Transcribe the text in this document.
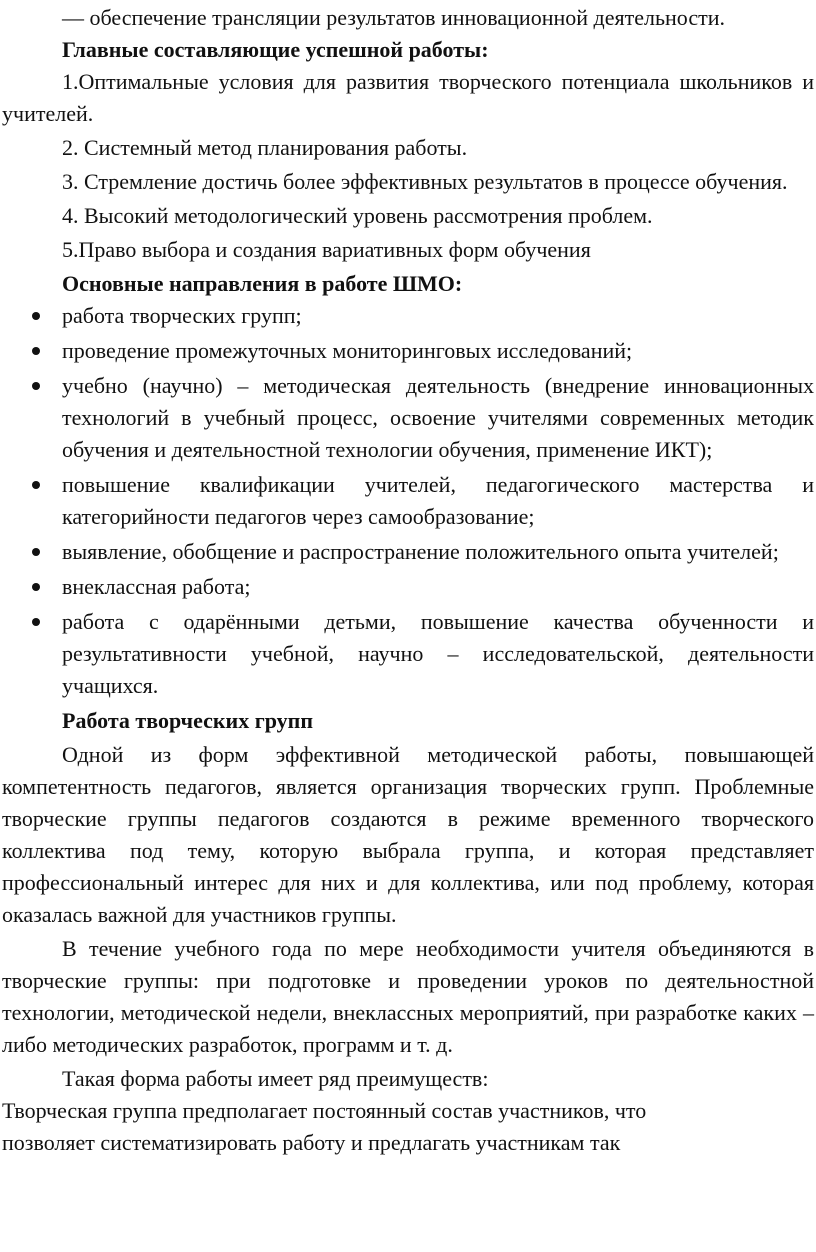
— обеспечение трансляции результатов инновационной деятельности.

Главные составляющие успешной работы:

1.Оптимальные условия для развития творческого потенциала школьников и учителей.

2. Системный метод планирования работы.

3. Стремление достичь более эффективных результатов в процессе обучения.

4. Высокий методологический уровень рассмотрения проблем.

5.Право выбора и создания вариативных форм обучения

Основные направления в работе ШМО:

работа творческих групп;
проведение промежуточных мониторинговых исследований;
учебно (научно) – методическая деятельность (внедрение инновационных технологий в учебный процесс, освоение учителями современных методик обучения и деятельностной технологии обучения, применение ИКТ);
повышение квалификации учителей, педагогического мастерства и категорийности педагогов через самообразование;
выявление, обобщение и распространение положительного опыта учителей;
внеклассная работа;
работа с одарёнными детьми, повышение качества обученности и результативности учебной, научно – исследовательской, деятельности учащихся.

Работа творческих групп

Одной из форм эффективной методической работы, повышающей компетентность педагогов, является организация творческих групп. Проблемные творческие группы педагогов создаются в режиме временного творческого коллектива под тему, которую выбрала группа, и которая представляет профессиональный интерес для них и для коллектива, или под проблему, которая оказалась важной для участников группы.

В течение учебного года по мере необходимости учителя объединяются в творческие группы: при подготовке и проведении уроков по деятельностной технологии, методической недели, внеклассных мероприятий, при разработке каких – либо методических разработок, программ и т. д.

Такая форма работы имеет ряд преимуществ:

Творческая группа предполагает постоянный состав участников, что

позволяет систематизировать работу и предлагать участникам так
